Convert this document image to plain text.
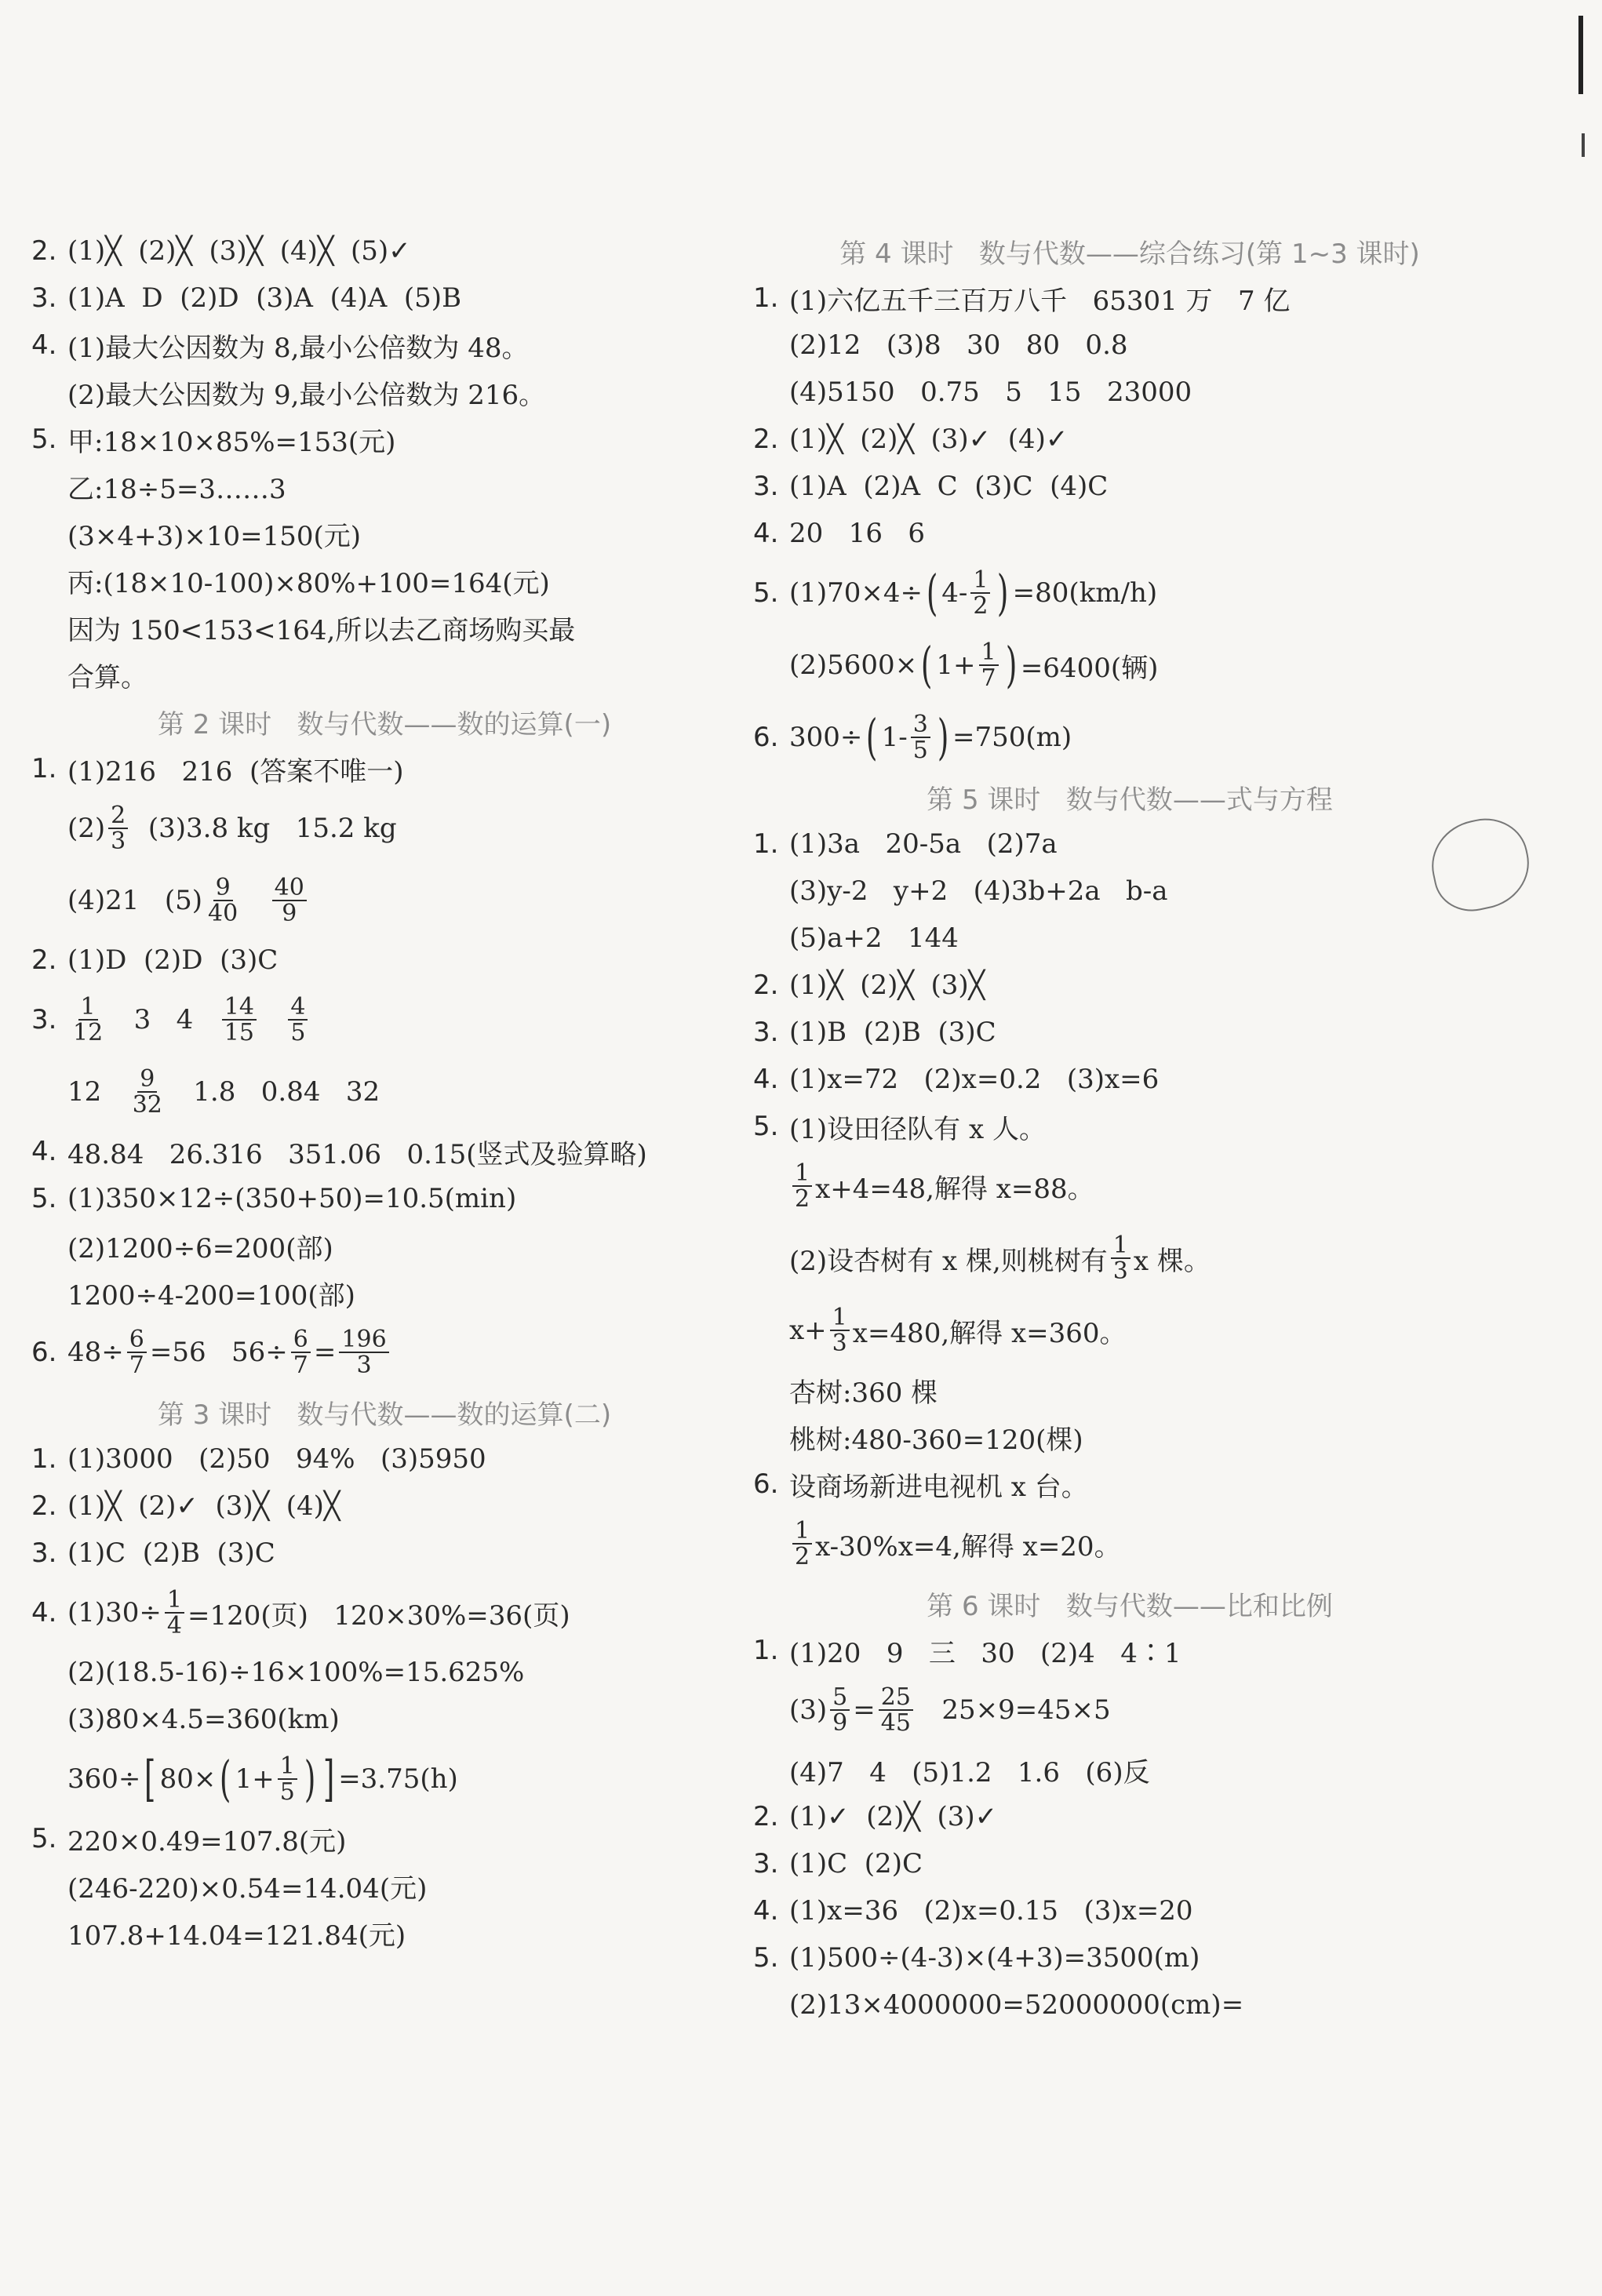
2. (1)╳  (2)╳  (3)╳  (4)╳  (5)✓
3. (1)A  D  (2)D  (3)A  (4)A  (5)B
4. (1)最大公因数为 8,最小公倍数为 48。
(2)最大公因数为 9,最小公倍数为 216。
5. 甲:18×10×85%=153(元)
乙:18÷5=3……3
(3×4+3)×10=150(元)
丙:(18×10-100)×80%+100=164(元)
因为 150<153<164,所以去乙商场购买最
合算。
第 2 课时   数与代数——数的运算(一)
1. (1)216   216  (答案不唯一)
$(2) \frac{2}{3} (3)3.8$ kg   15.2 kg
(4)21   $(5) \frac{9}{40}$
$\frac{40}{9}$
2. (1)D  (2)D  (3)C
3. $\frac{1}{12} 3$   $4 \frac{14}{15}$
$\frac{4}{5}$
$12 \frac{9}{32} 1.8$   0.84   32
4. 48.84   26.316   351.06   0.15(竖式及验算略)
5. (1)350×12÷(350+50)=10.5(min)
(2)1200÷6=200(部)
1200÷4-200=100(部)
6. $48\div \frac{6}{7} =56$   $56\div \frac{6}{7} = \frac{196}{3}$
第 3 课时   数与代数——数的运算(二)
1. (1)3000   (2)50   94%   (3)5950
2. (1)╳  (2)✓  (3)╳  (4)╳
3. (1)C  (2)B  (3)C
4. $(1)30\div \frac{1}{4} =120$(页)   120×30%=36(页)
(2)(18.5-16)÷16×100%=15.625%
(3)80×4.5=360(km)
360÷ [ 80× ( $1+ \frac{1}{5}$ ) ] =3.75(h)
5. 220×0.49=107.8(元)
(246-220)×0.54=14.04(元)
107.8+14.04=121.84(元)
第 4 课时   数与代数——综合练习(第 1~3 课时)
1. (1)六亿五千三百万八千   65301 万   7 亿
(2)12   (3)8   30   80   0.8
(4)5150   0.75   5   15   23000
2. (1)╳  (2)╳  (3)✓  (4)✓
3. (1)A  (2)A  C  (3)C  (4)C
4. 20   16   6
5. (1)70×4÷ ( $4- \frac{1}{2}$ ) =80(km/h)
(2)5600× ( $1+ \frac{1}{7}$ ) =6400(辆)
6. 300÷ ( $1- \frac{3}{5}$ ) =750(m)
第 5 课时   数与代数——式与方程
1. (1)3a   20-5a   (2)7a
(3)y-2   y+2   (4)3b+2a   b-a
(5)a+2   144
2. (1)╳  (2)╳  (3)╳
3. (1)B  (2)B  (3)C
4. (1)x=72   (2)x=0.2   (3)x=6
5. (1)设田径队有 x 人。
$\frac{1}{2} x+4=48$,解得 x=88。
(2)设杏树有 x 棵,则桃树有 $\frac{1}{3}$ x 棵。
$x+ \frac{1}{3} x=480$,解得 x=360。
杏树:360 棵
桃树:480-360=120(棵)
6. 设商场新进电视机 x 台。
$\frac{1}{2} x-30\%x=4$,解得 x=20。
第 6 课时   数与代数——比和比例
1. (1)20   9   三   30   (2)4   4∶1
$(3) \frac{5}{9} = \frac{25}{45} 25\times 9=45\times 5$
(4)7   4   (5)1.2   1.6   (6)反
2. (1)✓  (2)╳  (3)✓
3. (1)C  (2)C
4. (1)x=36   (2)x=0.15   (3)x=20
5. (1)500÷(4-3)×(4+3)=3500(m)
(2)13×4000000=52000000(cm)=
